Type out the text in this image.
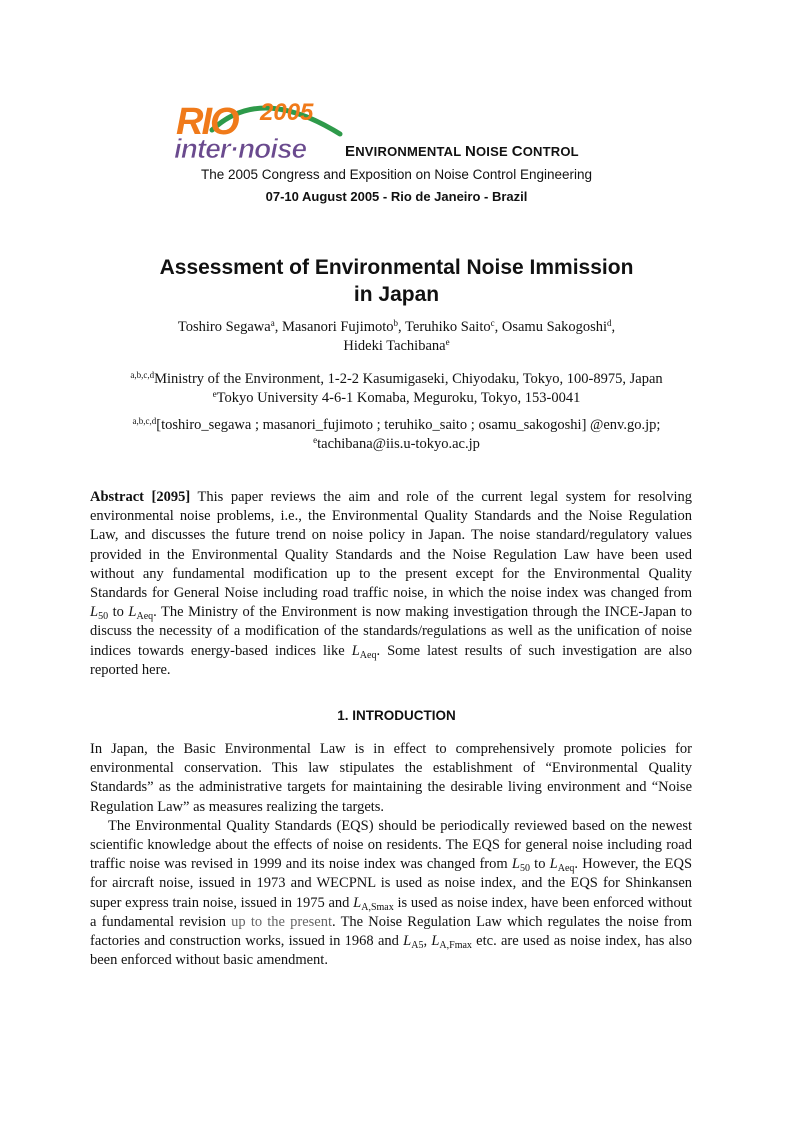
RIO 2005
inter·noise	ENVIRONMENTAL NOISE CONTROL
The 2005 Congress and Exposition on Noise Control Engineering
07-10 August 2005 - Rio de Janeiro - Brazil
Assessment of Environmental Noise Immission
in Japan
Toshiro Segawa$^a$, Masanori Fujimoto$^b$, Teruhiko Saito$^c$, Osamu Sakogoshi$^d$,
Hideki Tachibana$^e$
$^{a,b,c,d}$Ministry of the Environment, 1-2-2 Kasumigaseki, Chiyodaku, Tokyo, 100-8975, Japan
$^e$Tokyo University 4-6-1 Komaba, Meguroku, Tokyo, 153-0041
$^{a,b,c,d}$[toshiro_segawa ; masanori_fujimoto ; teruhiko_saito ; osamu_sakogoshi] @env.go.jp;
$^e$tachibana@iis.u-tokyo.ac.jp
Abstract [2095] This paper reviews the aim and role of the current legal system for resolving environmental noise problems, i.e., the Environmental Quality Standards and the Noise Regulation Law, and discusses the future trend on noise policy in Japan. The noise standard/regulatory values provided in the Environmental Quality Standards and the Noise Regulation Law have been used without any fundamental modification up to the present except for the Environmental Quality Standards for General Noise including road traffic noise, in which the noise index was changed from $L_{50}$ to $L_{Aeq}$. The Ministry of the Environment is now making investigation through the INCE-Japan to discuss the necessity of a modification of the standards/regulations as well as the unification of noise indices towards energy-based indices like $L_{Aeq}$. Some latest results of such investigation are also reported here.
1. INTRODUCTION

In Japan, the Basic Environmental Law is in effect to comprehensively promote policies for environmental conservation. This law stipulates the establishment of “Environmental Quality Standards” as the administrative targets for maintaining the desirable living environment and “Noise Regulation Law” as measures realizing the targets.

The Environmental Quality Standards (EQS) should be periodically reviewed based on the newest scientific knowledge about the effects of noise on residents. The EQS for general noise including road traffic noise was revised in 1999 and its noise index was changed from $L_{50}$ to $L_{Aeq}$. However, the EQS for aircraft noise, issued in 1973 and WECPNL is used as noise index, and the EQS for Shinkansen super express train noise, issued in 1975 and $L_{A,Smax}$ is used as noise index, have been enforced without a fundamental revision up to the present. The Noise Regulation Law which regulates the noise from factories and construction works, issued in 1968 and $L_{A5}$, $L_{A,Fmax}$ etc. are used as noise index, has also been enforced without basic amendment.
